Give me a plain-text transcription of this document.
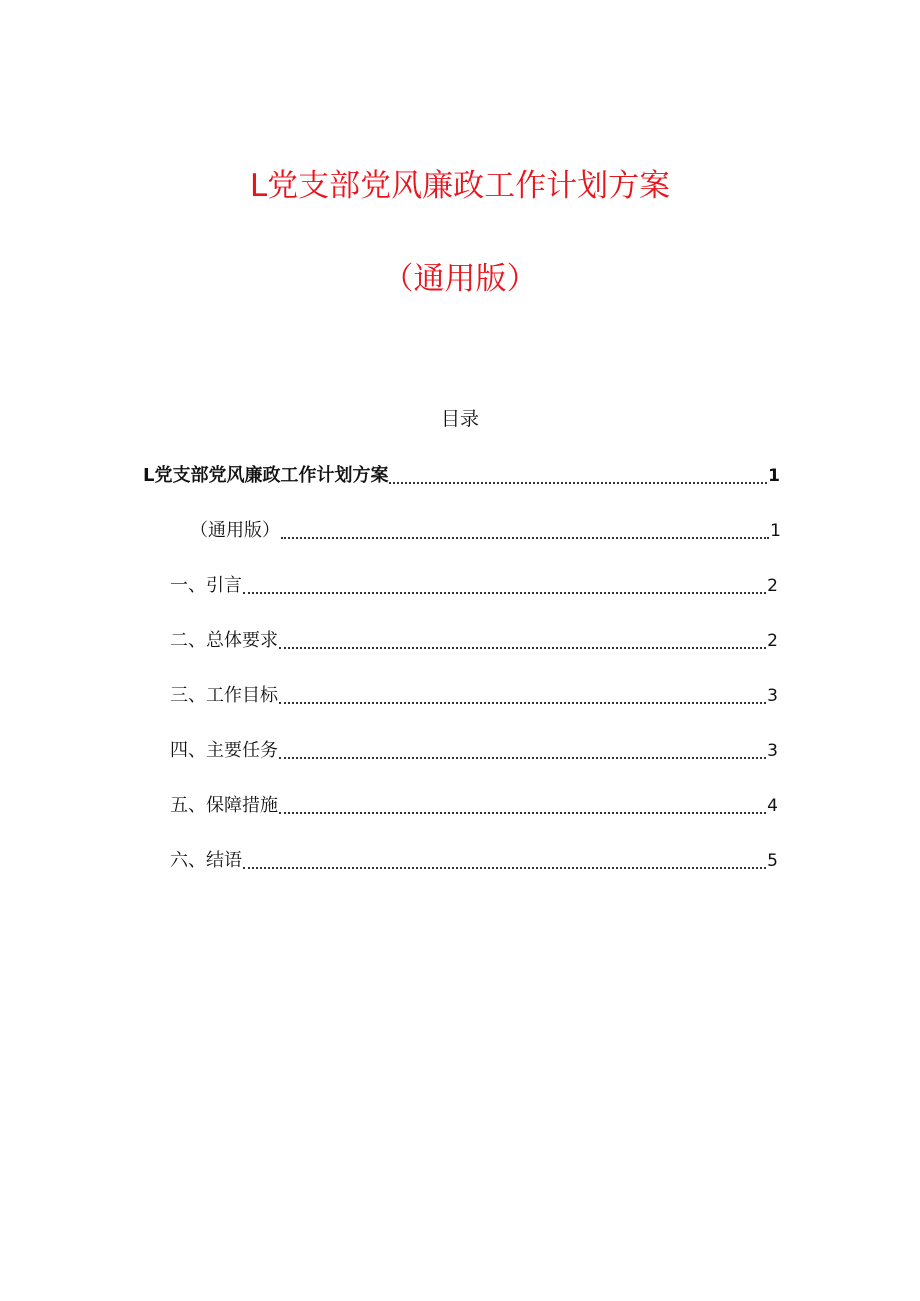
L党支部党风廉政工作计划方案
（通用版）
目录
L党支部党风廉政工作计划方案	1
（通用版）	1
一、引言	2
二、总体要求	2
三、工作目标	3
四、主要任务	3
五、保障措施	4
六、结语	5
